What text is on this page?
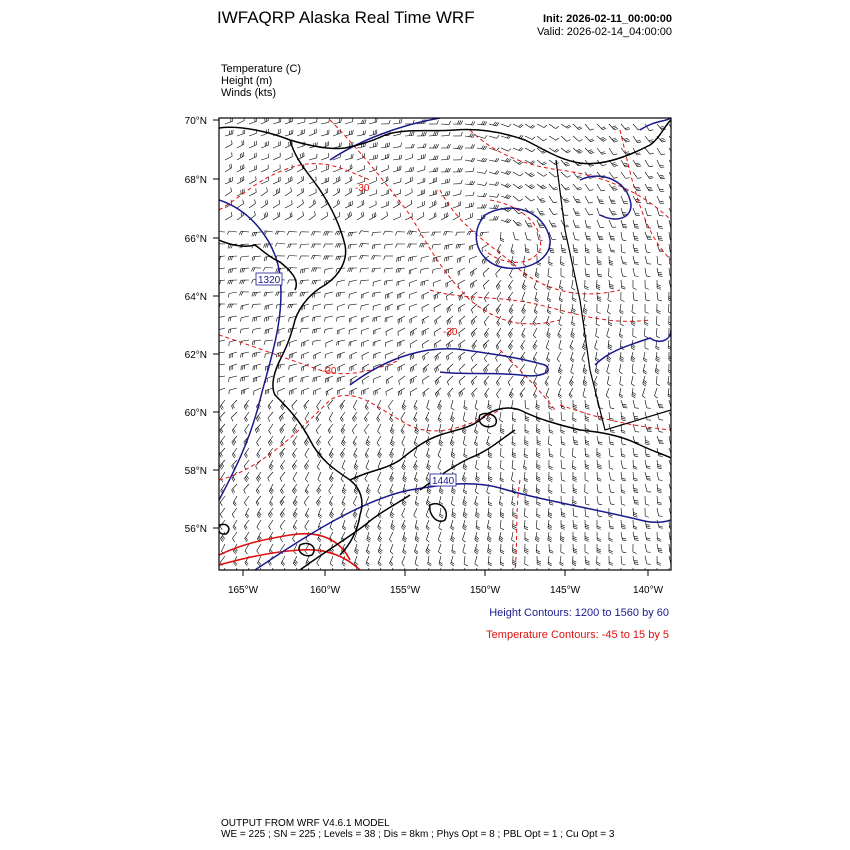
IWFAQRP Alaska Real Time WRF	Init: 2026-02-11_00:00:00
Valid: 2026-02-14_04:00:00
Temperature (C)
Height (m)
Winds (kts)
1320
1440
-30
-30
-30
70°N
68°N
66°N
64°N
62°N
60°N
58°N
56°N
165°W	160°W	155°W	150°W	145°W	140°W
Height Contours: 1200 to 1560 by 60
Temperature Contours: -45 to 15 by 5
OUTPUT FROM WRF V4.6.1 MODEL
WE = 225 ; SN = 225 ; Levels = 38 ; Dis = 8km ; Phys Opt = 8 ; PBL Opt = 1 ; Cu Opt = 3
